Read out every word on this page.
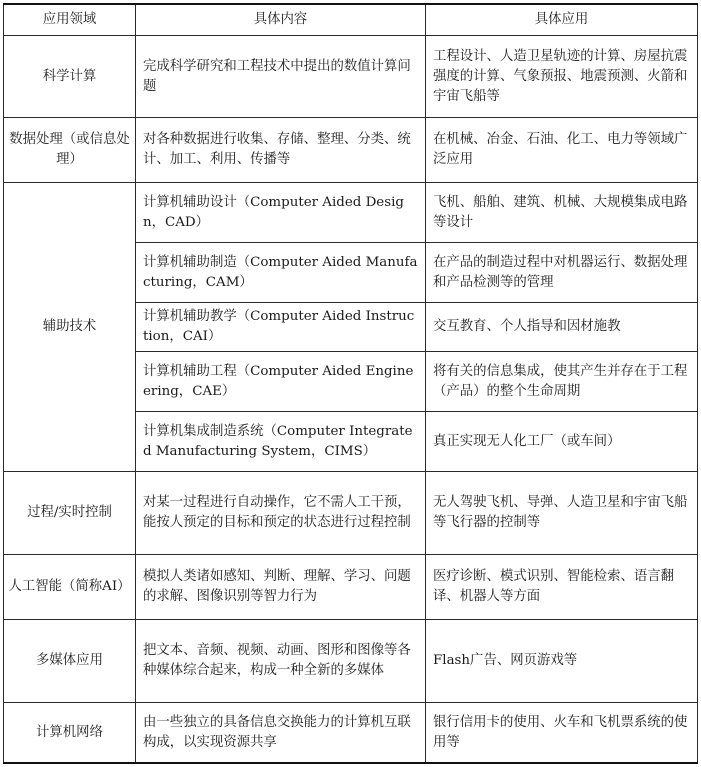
应用领域	具体内容	具体应用
科学计算	完成科学研究和工程技术中提出的数值计算问题	工程设计、人造卫星轨迹的计算、房屋抗震强度的计算、气象预报、地震预测、火箭和宇宙飞船等
数据处理（或信息处理）	对各种数据进行收集、存储、整理、分类、统计、加工、利用、传播等	在机械、冶金、石油、化工、电力等领域广泛应用
辅助技术	计算机辅助设计（Computer Aided Design，CAD）	飞机、船舶、建筑、机械、大规模集成电路等设计
	计算机辅助制造（Computer Aided Manufacturing，CAM）	在产品的制造过程中对机器运行、数据处理和产品检测等的管理
	计算机辅助教学（Computer Aided Instruction，CAI）	交互教育、个人指导和因材施教
	计算机辅助工程（Computer Aided Engineering，CAE）	将有关的信息集成，使其产生并存在于工程（产品）的整个生命周期
	计算机集成制造系统（Computer Integrated Manufacturing System，CIMS）	真正实现无人化工厂（或车间）
过程/实时控制	对某一过程进行自动操作，它不需人工干预，能按人预定的目标和预定的状态进行过程控制	无人驾驶飞机、导弹、人造卫星和宇宙飞船等飞行器的控制等
人工智能（简称AI）	模拟人类诸如感知、判断、理解、学习、问题的求解、图像识别等智力行为	医疗诊断、模式识别、智能检索、语言翻译、机器人等方面
多媒体应用	把文本、音频、视频、动画、图形和图像等各种媒体综合起来，构成一种全新的多媒体	Flash广告、网页游戏等
计算机网络	由一些独立的具备信息交换能力的计算机互联构成，以实现资源共享	银行信用卡的使用、火车和飞机票系统的使用等
